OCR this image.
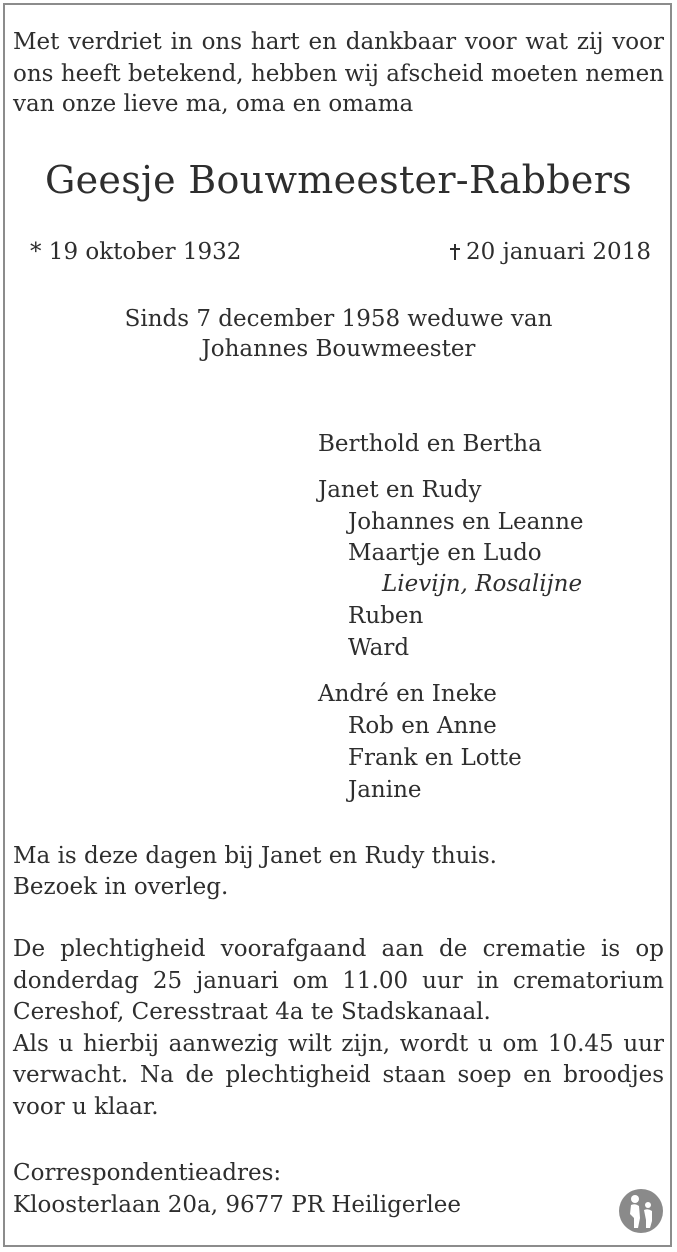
Met verdriet in ons hart en dankbaar voor wat zij voor
ons heeft betekend, hebben wij afscheid moeten nemen
van onze lieve ma, oma en omama
Geesje Bouwmeester-Rabbers
* 19 oktober 1932	20 januari 2018
Sinds 7 december 1958 weduwe van
Johannes Bouwmeester
Berthold en Bertha
Janet en Rudy
Johannes en Leanne
Maartje en Ludo
Lievijn, Rosalijne
Ruben
Ward
André en Ineke
Rob en Anne
Frank en Lotte
Janine
Ma is deze dagen bij Janet en Rudy thuis.
Bezoek in overleg.
De plechtigheid voorafgaand aan de crematie is op
donderdag 25 januari om 11.00 uur in crematorium
Cereshof, Ceresstraat 4a te Stadskanaal.
Als u hierbij aanwezig wilt zijn, wordt u om 10.45 uur
verwacht. Na de plechtigheid staan soep en broodjes
voor u klaar.
Correspondentieadres:
Kloosterlaan 20a, 9677 PR Heiligerlee
